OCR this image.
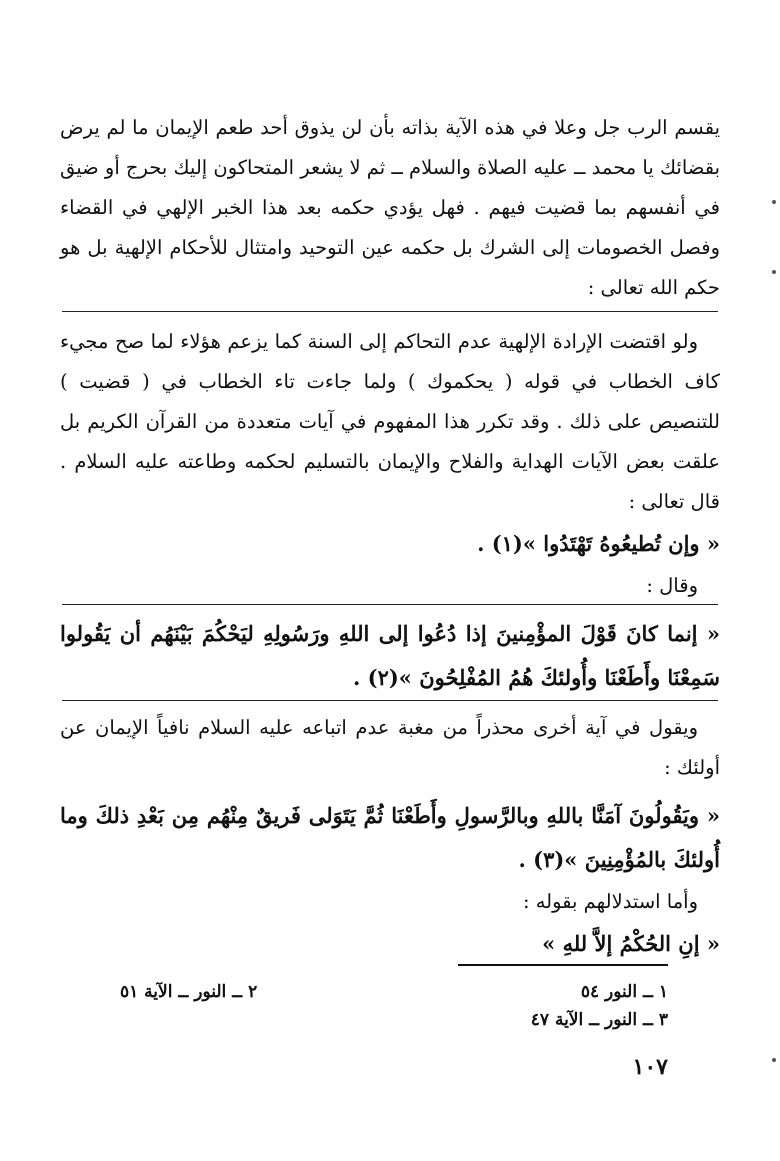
يقسم الرب جل وعلا في هذه الآية بذاته بأن لن يذوق أحد طعم الإيمان ما لم يرض بقضائك يا محمد ــ عليه الصلاة والسلام ــ ثم لا يشعر المتحاكون إليك بحرج أو ضيق في أنفسهم بما قضيت فيهم . فهل يؤدي حكمه بعد هذا الخبر الإلهي في القضاء وفصل الخصومات إلى الشرك بل حكمه عين التوحيد وامتثال للأحكام الإلهية بل هو حكم الله تعالى :

ولو اقتضت الإرادة الإلهية عدم التحاكم إلى السنة كما يزعم هؤلاء لما صح مجيء كاف الخطاب في قوله ( يحكموك ) ولما جاءت تاء الخطاب في ( قضيت ) للتنصيص على ذلك . وقد تكرر هذا المفهوم في آيات متعددة من القرآن الكريم بل علقت بعض الآيات الهداية والفلاح والإيمان بالتسليم لحكمه وطاعته عليه السلام . قال تعالى :

« وإن تُطيعُوهُ تَهْتَدُوا »(١) .

وقال :

« إنما كانَ قَوْلَ المؤْمِنينَ إذا دُعُوا إلى اللهِ ورَسُولِهِ ليَحْكُمَ بَيْنَهُم أن يَقُولوا سَمِعْنَا وأَطَعْنَا وأُولئكَ هُمُ المُفْلِحُونَ »(٢) .

ويقول في آية أخرى محذراً من مغبة عدم اتباعه عليه السلام نافياً الإيمان عن أولئك :

« ويَقُولُونَ آمَنَّا باللهِ وبالرَّسولِ وأَطَعْنَا ثُمَّ يَتَوَلى فَريقٌ مِنْهُم مِن بَعْدِ ذلكَ وما أُولئكَ بالمُؤْمِنِينَ »(٣) .

وأما استدلالهم بقوله :

« إنِ الحُكْمُ إلاَّ للهِ »

١ ــ النور ٥٤
٢ ــ النور ــ الآية ٥١
٣ ــ النور ــ الآية ٤٧
١٠٧
